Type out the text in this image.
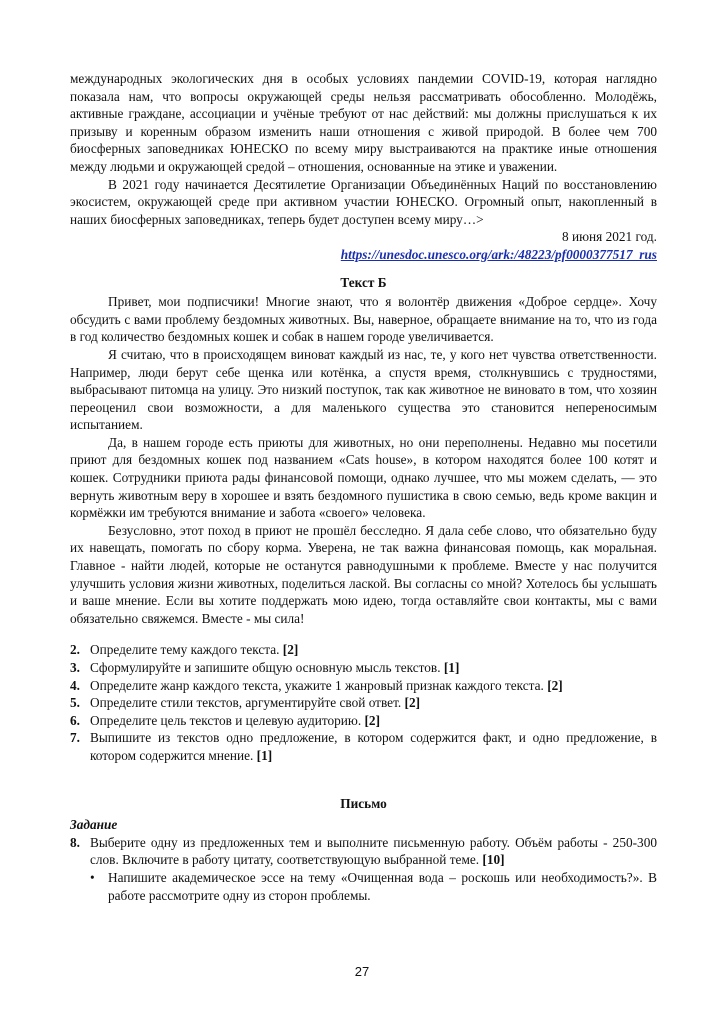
международных экологических дня в особых условиях пандемии COVID-19, которая наглядно показала нам, что вопросы окружающей среды нельзя рассматривать обособленно. Молодёжь, активные граждане, ассоциации и учёные требуют от нас действий: мы должны прислушаться к их призыву и коренным образом изменить наши отношения с живой природой. В более чем 700 биосферных заповедниках ЮНЕСКО по всему миру выстраиваются на практике иные отношения между людьми и окружающей средой – отношения, основанные на этике и уважении.

В 2021 году начинается Десятилетие Организации Объединённых Наций по восстановлению экосистем, окружающей среде при активном участии ЮНЕСКО. Огромный опыт, накопленный в наших биосферных заповедниках, теперь будет доступен всему миру…>

8 июня 2021 год.

https://unesdoc.unesco.org/ark:/48223/pf0000377517_rus

Текст Б

Привет, мои подписчики! Многие знают, что я волонтёр движения «Доброе сердце». Хочу обсудить с вами проблему бездомных животных. Вы, наверное, обращаете внимание на то, что из года в год количество бездомных кошек и собак в нашем городе увеличивается.

Я считаю, что в происходящем виноват каждый из нас, те, у кого нет чувства ответственности. Например, люди берут себе щенка или котёнка, а спустя время, столкнувшись с трудностями, выбрасывают питомца на улицу. Это низкий поступок, так как животное не виновато в том, что хозяин переоценил свои возможности, а для маленького существа это становится непереносимым испытанием.

Да, в нашем городе есть приюты для животных, но они переполнены. Недавно мы посетили приют для бездомных кошек под названием «Cats house», в котором находятся более 100 котят и кошек. Сотрудники приюта рады финансовой помощи, однако лучшее, что мы можем сделать, — это вернуть животным веру в хорошее и взять бездомного пушистика в свою семью, ведь кроме вакцин и кормёжки им требуются внимание и забота «своего» человека.

Безусловно, этот поход в приют не прошёл бесследно. Я дала себе слово, что обязательно буду их навещать, помогать по сбору корма. Уверена, не так важна финансовая помощь, как моральная. Главное - найти людей, которые не останутся равнодушными к проблеме. Вместе у нас получится улучшить условия жизни животных, поделиться лаской. Вы согласны со мной? Хотелось бы услышать и ваше мнение. Если вы хотите поддержать мою идею, тогда оставляйте свои контакты, мы с вами обязательно свяжемся. Вместе - мы сила!

2. Определите тему каждого текста. [2]
3. Сформулируйте и запишите общую основную мысль текстов. [1]
4. Определите жанр каждого текста, укажите 1 жанровый признак каждого текста. [2]
5. Определите стили текстов, аргументируйте свой ответ. [2]
6. Определите цель текстов и целевую аудиторию. [2]
7. Выпишите из текстов одно предложение, в котором содержится факт, и одно предложение, в котором содержится мнение. [1]
Письмо
Задание
8. Выберите одну из предложенных тем и выполните письменную работу. Объём работы - 250-300 слов. Включите в работу цитату, соответствующую выбранной теме. [10]
• Напишите академическое эссе на тему «Очищенная вода – роскошь или необходимость?». В работе рассмотрите одну из сторон проблемы.
27
